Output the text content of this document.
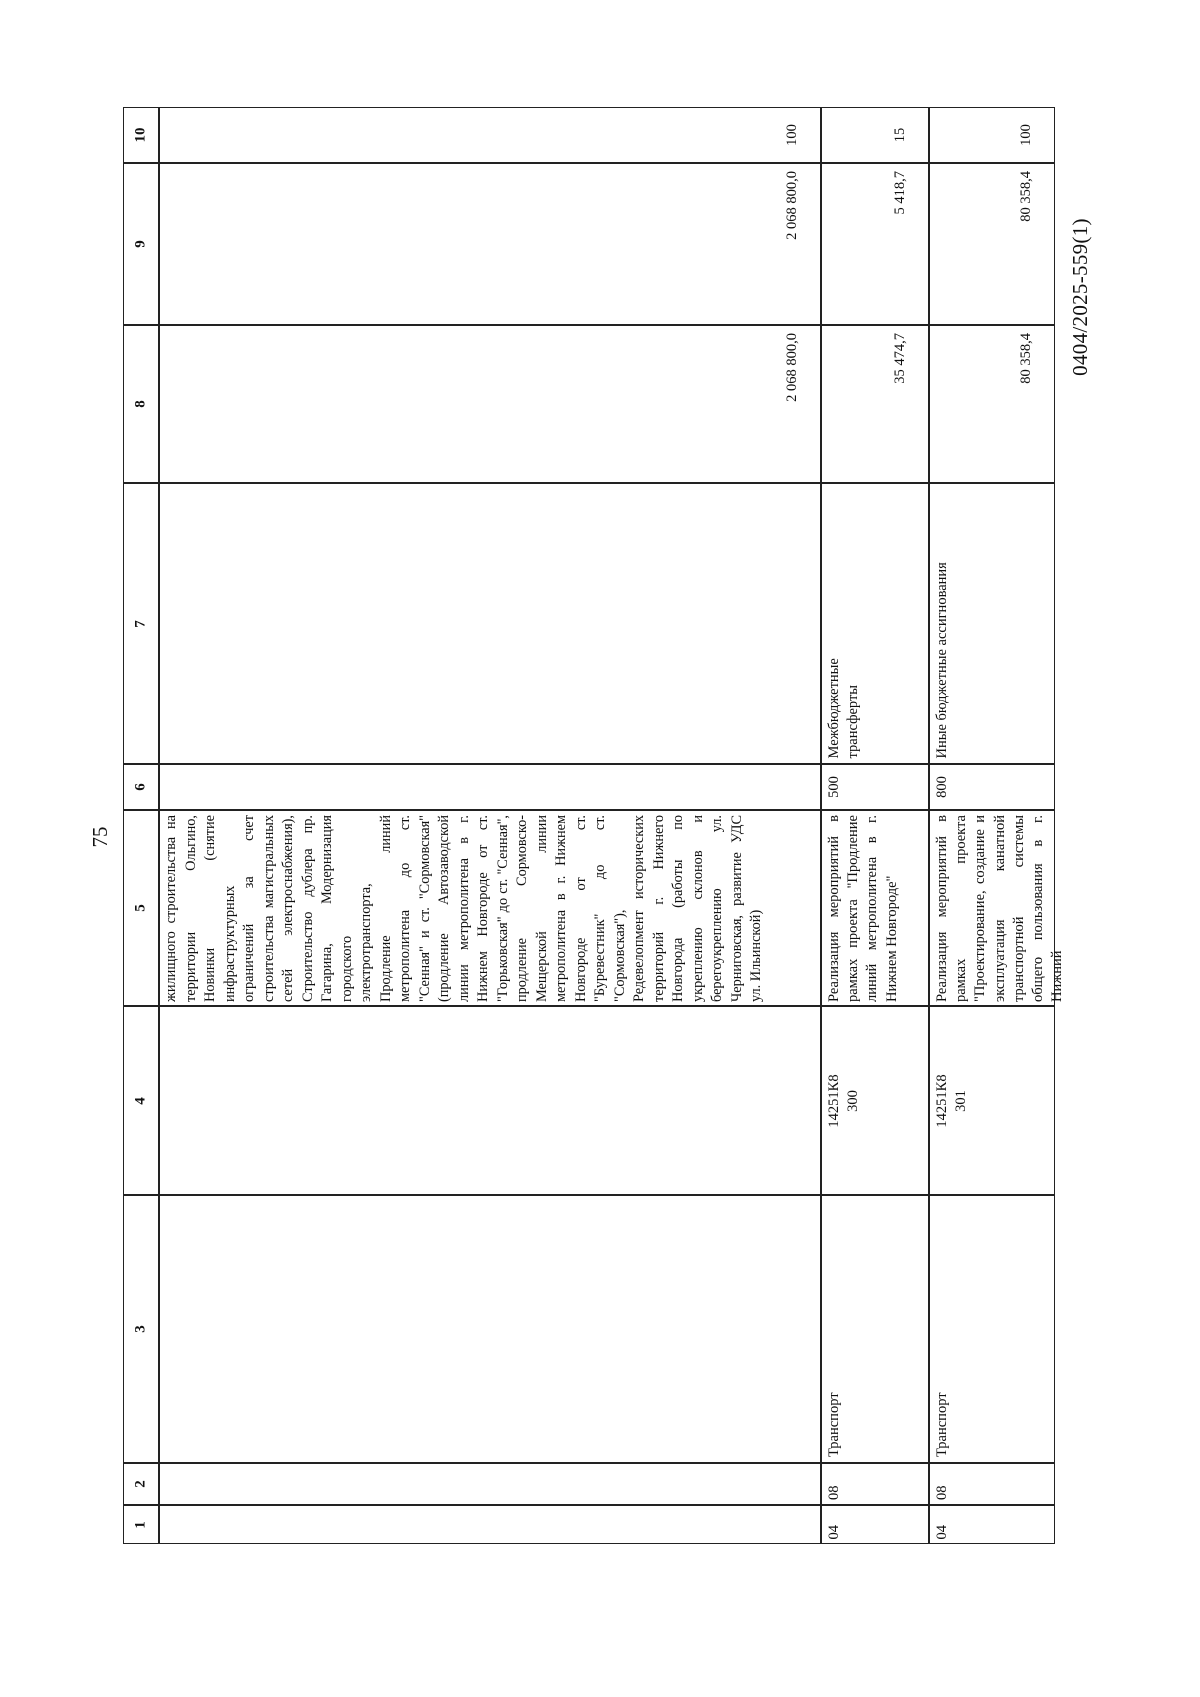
75
0404/2025-559(1)
1
2
3
4
5
6
7
8
9
10
жилищного строительства на территории Ольгино, Новинки (снятие инфраструктурных ограничений за счет строительства магистральных сетей электроснабжения), Строительство дублера пр. Гагарина, Модернизация городского электротранспорта, Продление линий метрополитена до ст. "Сенная" и ст. "Сормовская" (продление Автозаводской линии метрополитена в г. Нижнем Новгороде от ст. "Горьковская" до ст. "Сенная", продление Сормовско-Мещерской линии метрополитена в г. Нижнем Новгороде от ст. "Буревестник" до ст. "Сормовская"), Редевелопмент исторических территорий г. Нижнего Новгорода (работы по укреплению склонов и берегоукреплению ул. Черниговская, развитие УДС ул. Ильинской)
2 068 800,0
2 068 800,0
100
04
08
Транспорт
14251К8 300
Реализация мероприятий в рамках проекта "Продление линий метрополитена в г. Нижнем Новгороде"
500
Межбюджетные трансферты
35 474,7
5 418,7
15
04
08
Транспорт
14251К8 301
Реализация мероприятий в рамках проекта "Проектирование, создание и эксплуатация канатной транспортной системы общего пользования в г. Нижний
800
Иные бюджетные ассигнования
80 358,4
80 358,4
100
